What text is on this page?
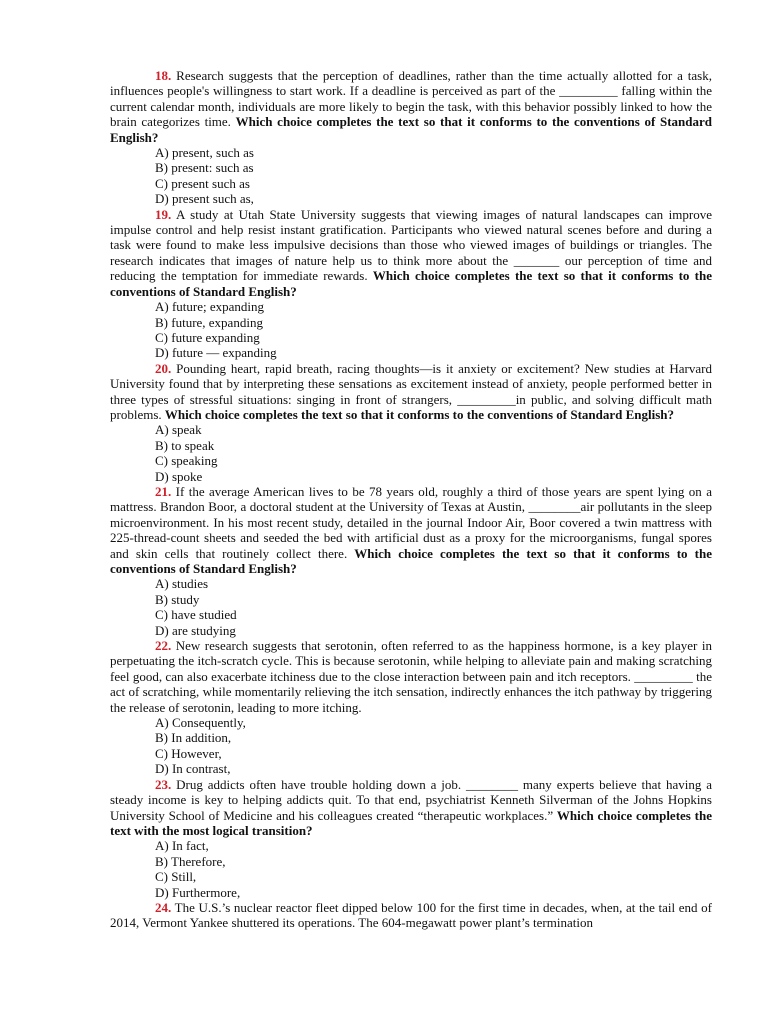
18. Research suggests that the perception of deadlines, rather than the time actually allotted for a task, influences people's willingness to start work. If a deadline is perceived as part of the _________ falling within the current calendar month, individuals are more likely to begin the task, with this behavior possibly linked to how the brain categorizes time. Which choice completes the text so that it conforms to the conventions of Standard English?

A) present, such as
B) present: such as
C) present such as
D) present such as,

19. A study at Utah State University suggests that viewing images of natural landscapes can improve impulse control and help resist instant gratification. Participants who viewed natural scenes before and during a task were found to make less impulsive decisions than those who viewed images of buildings or triangles. The research indicates that images of nature help us to think more about the _______ our perception of time and reducing the temptation for immediate rewards. Which choice completes the text so that it conforms to the conventions of Standard English?

A) future; expanding
B) future, expanding
C) future expanding
D) future — expanding

20. Pounding heart, rapid breath, racing thoughts—is it anxiety or excitement? New studies at Harvard University found that by interpreting these sensations as excitement instead of anxiety, people performed better in three types of stressful situations: singing in front of strangers, _________in public, and solving difficult math problems. Which choice completes the text so that it conforms to the conventions of Standard English?

A) speak
B) to speak
C) speaking
D) spoke

21. If the average American lives to be 78 years old, roughly a third of those years are spent lying on a mattress. Brandon Boor, a doctoral student at the University of Texas at Austin, ________air pollutants in the sleep microenvironment. In his most recent study, detailed in the journal Indoor Air, Boor covered a twin mattress with 225-thread-count sheets and seeded the bed with artificial dust as a proxy for the microorganisms, fungal spores and skin cells that routinely collect there. Which choice completes the text so that it conforms to the conventions of Standard English?

A) studies
B) study
C) have studied
D) are studying

22. New research suggests that serotonin, often referred to as the happiness hormone, is a key player in perpetuating the itch-scratch cycle. This is because serotonin, while helping to alleviate pain and making scratching feel good, can also exacerbate itchiness due to the close interaction between pain and itch receptors. _________ the act of scratching, while momentarily relieving the itch sensation, indirectly enhances the itch pathway by triggering the release of serotonin, leading to more itching.

A) Consequently,
B) In addition,
C) However,
D) In contrast,

23. Drug addicts often have trouble holding down a job. ________ many experts believe that having a steady income is key to helping addicts quit. To that end, psychiatrist Kenneth Silverman of the Johns Hopkins University School of Medicine and his colleagues created “therapeutic workplaces.” Which choice completes the text with the most logical transition?

A) In fact,
B) Therefore,
C) Still,
D) Furthermore,

24. The U.S.’s nuclear reactor fleet dipped below 100 for the first time in decades, when, at the tail end of 2014, Vermont Yankee shuttered its operations. The 604-megawatt power plant’s termination
